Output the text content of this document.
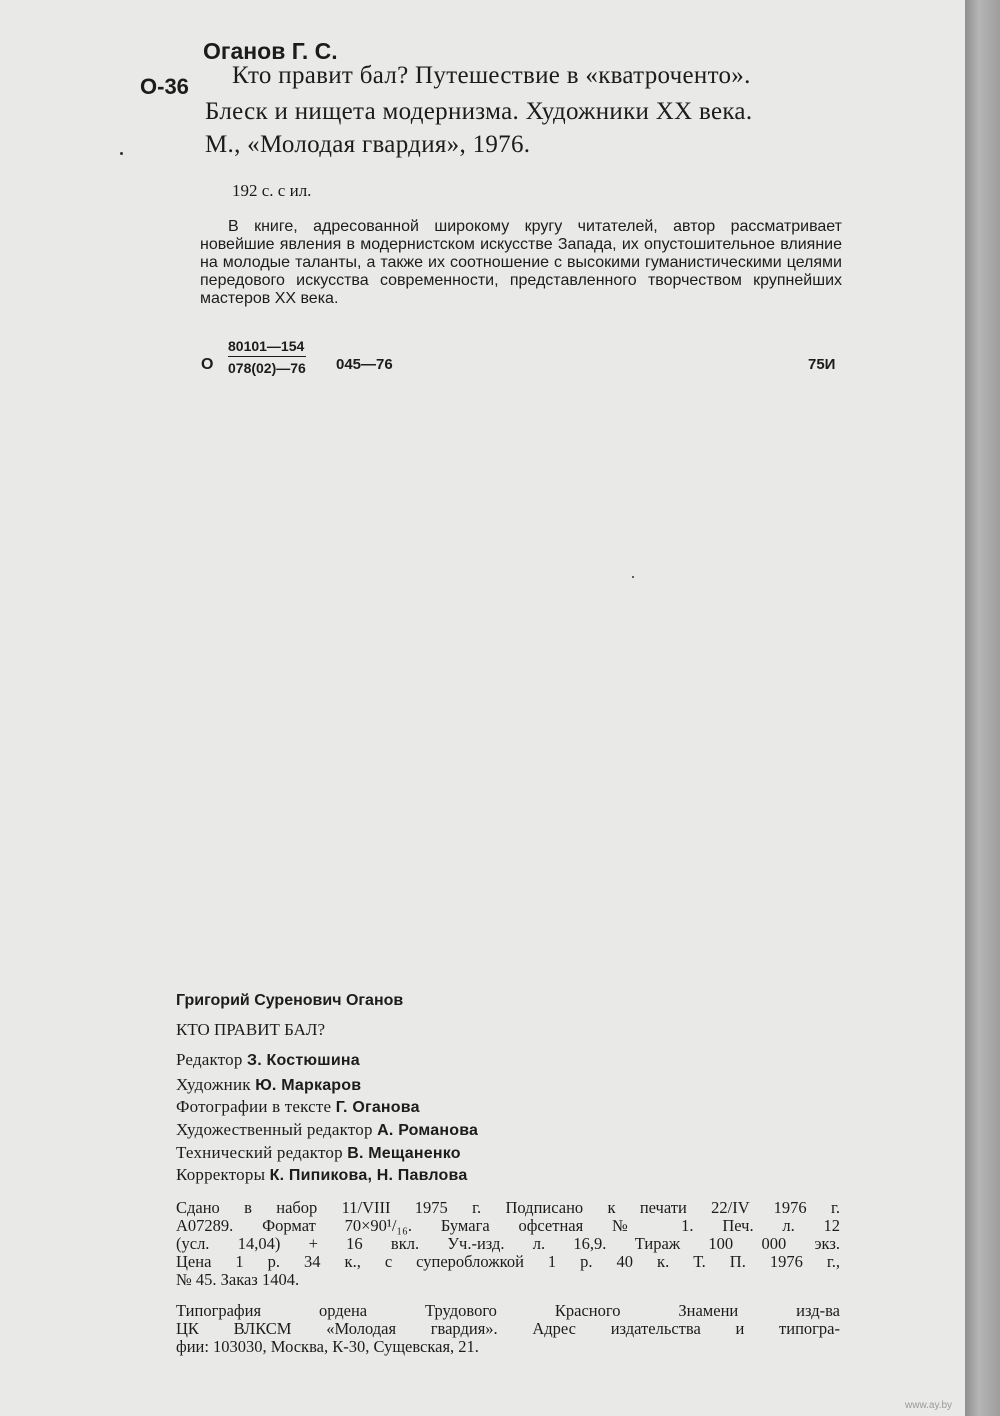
Оганов Г. С.
О-36 Кто правит бал? Путешествие в «кватроченто».
Блеск и нищета модернизма. Художники XX века.
М., «Молодая гвардия», 1976.
192 с. с ил.

В книге, адресованной широкому кругу читателей, автор рассматривает новейшие явления в модернистском искусстве Запада, их опустошительное влияние на молодые таланты, а также их соотношение с высокими гуманистическими целями передового искусства современности, представленного творчеством крупнейших мастеров XX века.

О $\frac{80101—154}{078(02)—76}$ 045—76	75И
Григорий Суренович Оганов
КТО ПРАВИТ БАЛ?
Редактор З. Костюшина
Художник Ю. Маркаров
Фотографии в тексте Г. Оганова
Художественный редактор А. Романова
Технический редактор В. Мещаненко
Корректоры К. Пипикова, Н. Павлова
Сдано в набор 11/VIII 1975 г. Подписано к печати 22/IV 1976 г.
А07289. Формат 70×90¹/₁₆. Бумага офсетная № 1. Печ. л. 12
(усл. 14,04) + 16 вкл. Уч.-изд. л. 16,9. Тираж 100 000 экз.
Цена 1 р. 34 к., с суперобложкой 1 р. 40 к. Т. П. 1976 г.,
№ 45. Заказ 1404.
Типография ордена Трудового Красного Знамени изд-ва
ЦК ВЛКСМ «Молодая гвардия». Адрес издательства и типогра-
фии: 103030, Москва, К-30, Сущевская, 21.
www.ay.by
